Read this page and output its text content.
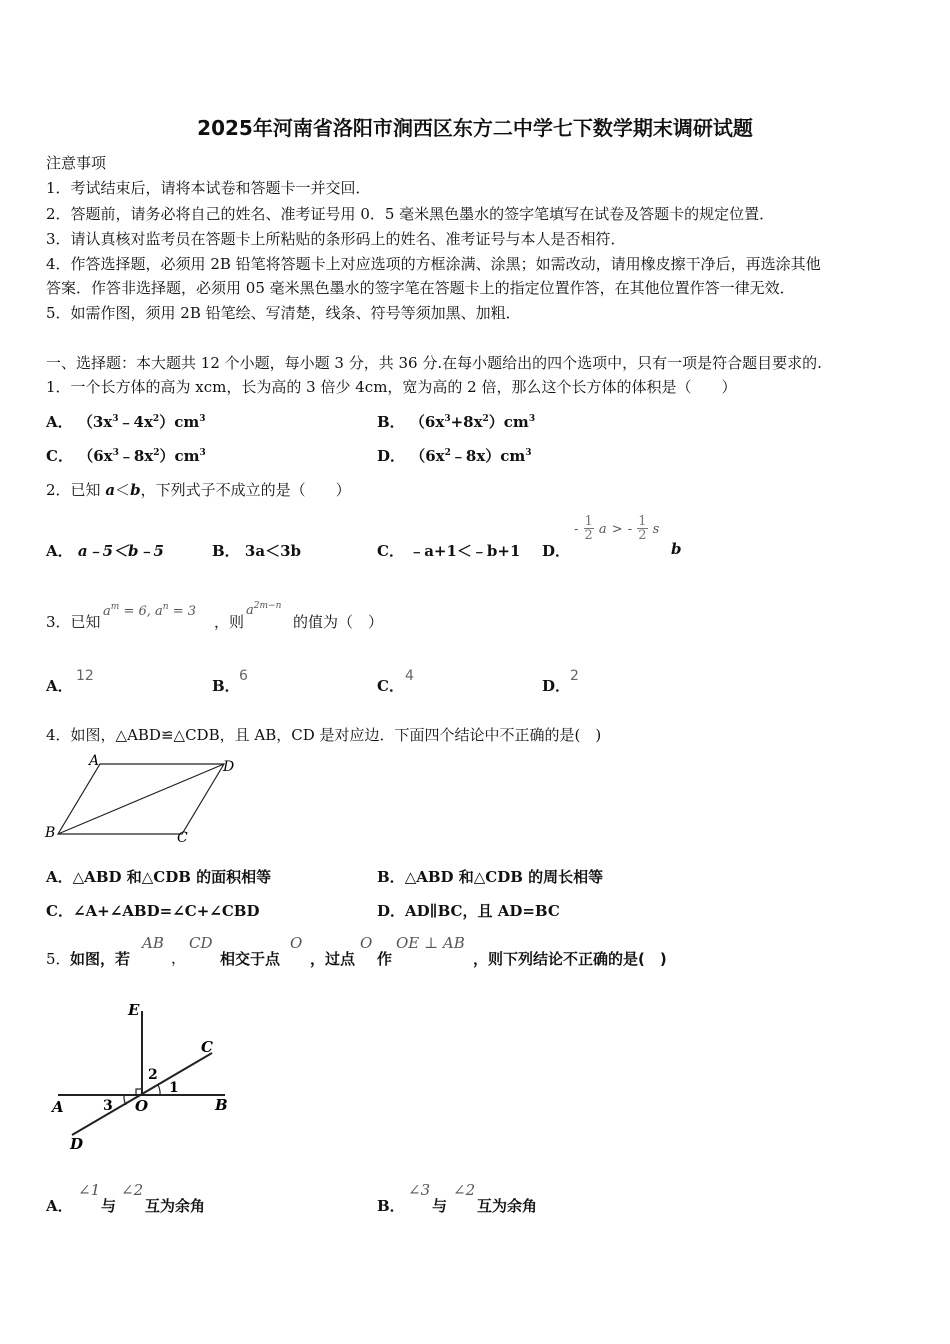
2025年河南省洛阳市涧西区东方二中学七下数学期末调研试题
注意事项
1．考试结束后，请将本试卷和答题卡一并交回．
2．答题前，请务必将自己的姓名、准考证号用 0．5 毫米黑色墨水的签字笔填写在试卷及答题卡的规定位置．
3．请认真核对监考员在答题卡上所粘贴的条形码上的姓名、准考证号与本人是否相符．
4．作答选择题，必须用 2B 铅笔将答题卡上对应选项的方框涂满、涂黑；如需改动，请用橡皮擦干净后，再选涂其他
答案．作答非选择题，必须用 05 毫米黑色墨水的签字笔在答题卡上的指定位置作答，在其他位置作答一律无效．
5．如需作图，须用 2B 铅笔绘、写清楚，线条、符号等须加黑、加粗．
一、选择题：本大题共 12 个小题，每小题 3 分，共 36 分.在每小题给出的四个选项中，只有一项是符合题目要求的.
1．一个长方体的高为 xcm，长为高的 3 倍少 4cm，宽为高的 2 倍，那么这个长方体的体积是（　　）
A． $(3x^3﹣4x^2)cm^3$	B． $(6x^3+8x^2)cm^3$
C． $(6x^3﹣8x^2)cm^3$	D． $(6x^2﹣8x)cm^3$
2．已知 a＜b，下列式子不成立的是（　　）
A． a﹣5＜b﹣5	B． 3a＜3b	C． ﹣a+1＜﹣b+1 D．
- $\frac{1}{2}$ a > - $\frac{1}{2}$ s
b
3．已知
$a^m = 6$, $a^n = 3$
，则
$a^{2m-n}$
的值为（　）
A．
12
B．
6
C．
4
D．
2
4．如图，△ABD≌△CDB，且 AB，CD 是对应边．下面四个结论中不正确的是(　)
A	D
B	C
A．△ABD 和△CDB 的面积相等	B．△ABD 和△CDB 的周长相等
C．∠A+∠ABD=∠C+∠CBD	D．AD∥BC，且 AD=BC
5． 如图，若
AB
，
CD
相交于点
O
，过点
O
作
OE ⊥ AB
，则下列结论不正确的是(　)
E
C
A	B
D
O
1
2
3
A．
∠1
与
∠2
互为余角	B．
∠3
与
∠2
互为余角
